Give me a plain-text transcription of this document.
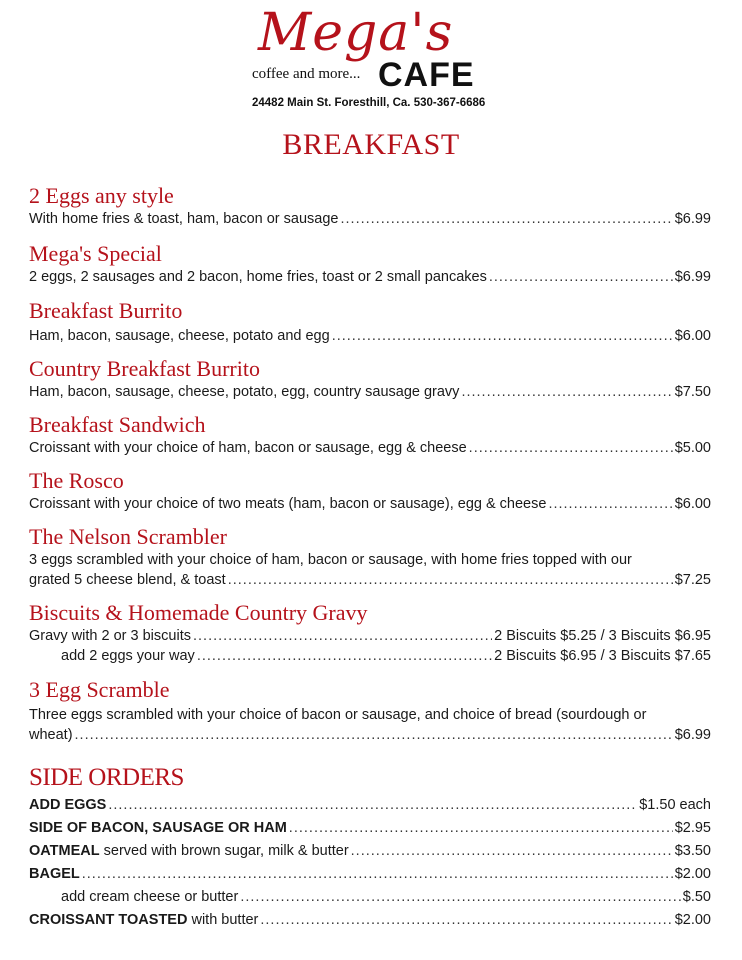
Mega's
coffee and more... CAFE
24482 Main St. Foresthill, Ca. 530-367-6686
BREAKFAST
2 Eggs any style
With home fries & toast, ham, bacon or sausage .....	$6.99
Mega's Special
2 eggs, 2 sausages and 2 bacon, home fries, toast or 2 small pancakes .....	$6.99
Breakfast Burrito
Ham, bacon, sausage, cheese, potato and egg .....	$6.00
Country Breakfast Burrito
Ham, bacon, sausage, cheese, potato, egg, country sausage gravy .....	$7.50
Breakfast Sandwich
Croissant with your choice of ham, bacon or sausage, egg & cheese .....	$5.00
The Rosco
Croissant with your choice of two meats (ham, bacon or sausage), egg & cheese .....	$6.00
The Nelson Scrambler
3 eggs scrambled with your choice of ham, bacon or sausage, with home fries topped with our
grated 5 cheese blend, & toast .....	$7.25
Biscuits & Homemade Country Gravy
Gravy with 2 or 3 biscuits .....	2 Biscuits $5.25 / 3 Biscuits $6.95
add 2 eggs your way .....	2 Biscuits $6.95 / 3 Biscuits $7.65
3 Egg Scramble
Three eggs scrambled with your choice of bacon or sausage, and choice of bread (sourdough or
wheat) .....	$6.99
SIDE ORDERS
ADD EGGS .....	$1.50 each
SIDE OF BACON, SAUSAGE OR HAM .....	$2.95
OATMEAL served with brown sugar, milk & butter .....	$3.50
BAGEL .....	$2.00
add cream cheese or butter .....	$.50
CROISSANT TOASTED with butter .....	$2.00
